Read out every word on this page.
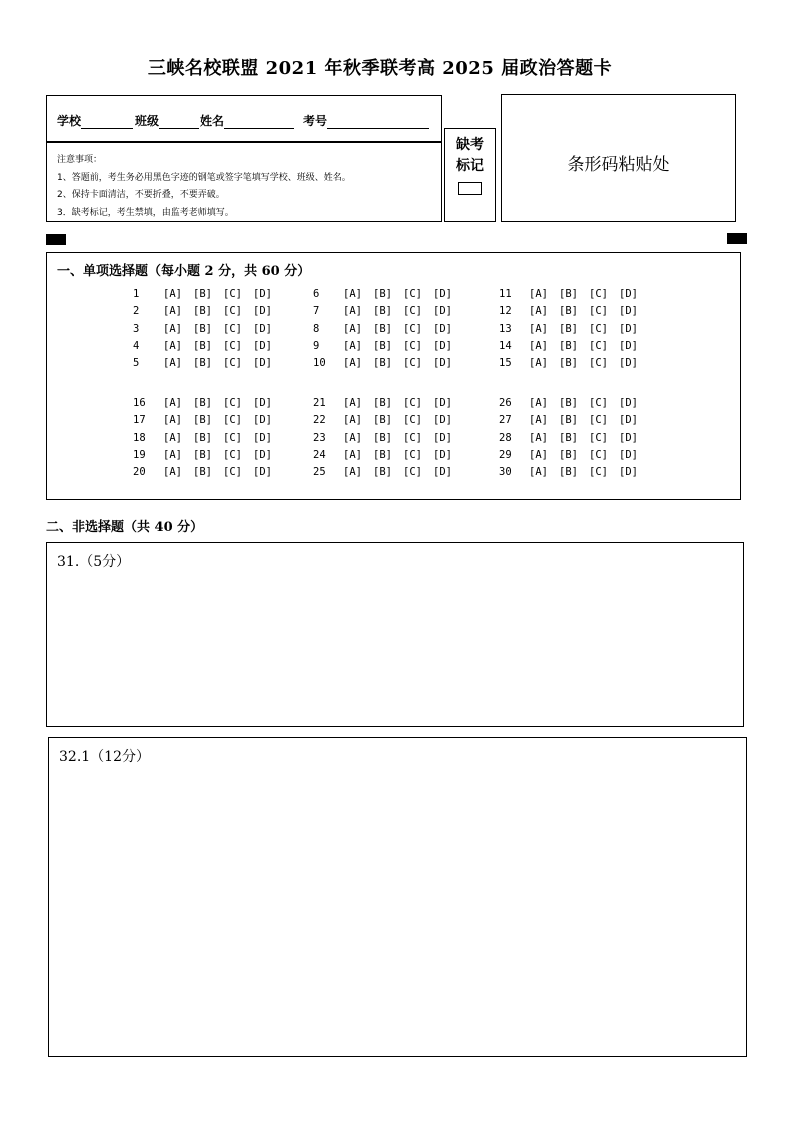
三峡名校联盟 2021 年秋季联考高 2025 届政治答题卡
学校	班级	姓名	考号
注意事项：
1、答题前，考生务必用黑色字迹的钢笔或签字笔填写学校、班级、姓名。
2、保持卡面清洁，不要折叠，不要弄破。
3．缺考标记，考生禁填，由监考老师填写。
缺考
标记	条形码粘贴处
一、单项选择题（每小题 2 分，共 60 分）
1 [A] [B] [C] [D]
2 [A] [B] [C] [D]
3 [A] [B] [C] [D]
4 [A] [B] [C] [D]
5 [A] [B] [C] [D]
6 [A] [B] [C] [D]
7 [A] [B] [C] [D]
8 [A] [B] [C] [D]
9 [A] [B] [C] [D]
10 [A] [B] [C] [D]
11 [A] [B] [C] [D]
12 [A] [B] [C] [D]
13 [A] [B] [C] [D]
14 [A] [B] [C] [D]
15 [A] [B] [C] [D]
16 [A] [B] [C] [D]
17 [A] [B] [C] [D]
18 [A] [B] [C] [D]
19 [A] [B] [C] [D]
20 [A] [B] [C] [D]
21 [A] [B] [C] [D]
22 [A] [B] [C] [D]
23 [A] [B] [C] [D]
24 [A] [B] [C] [D]
25 [A] [B] [C] [D]
26 [A] [B] [C] [D]
27 [A] [B] [C] [D]
28 [A] [B] [C] [D]
29 [A] [B] [C] [D]
30 [A] [B] [C] [D]
二、非选择题（共 40 分）
31.（5分）
32.1（12分）
